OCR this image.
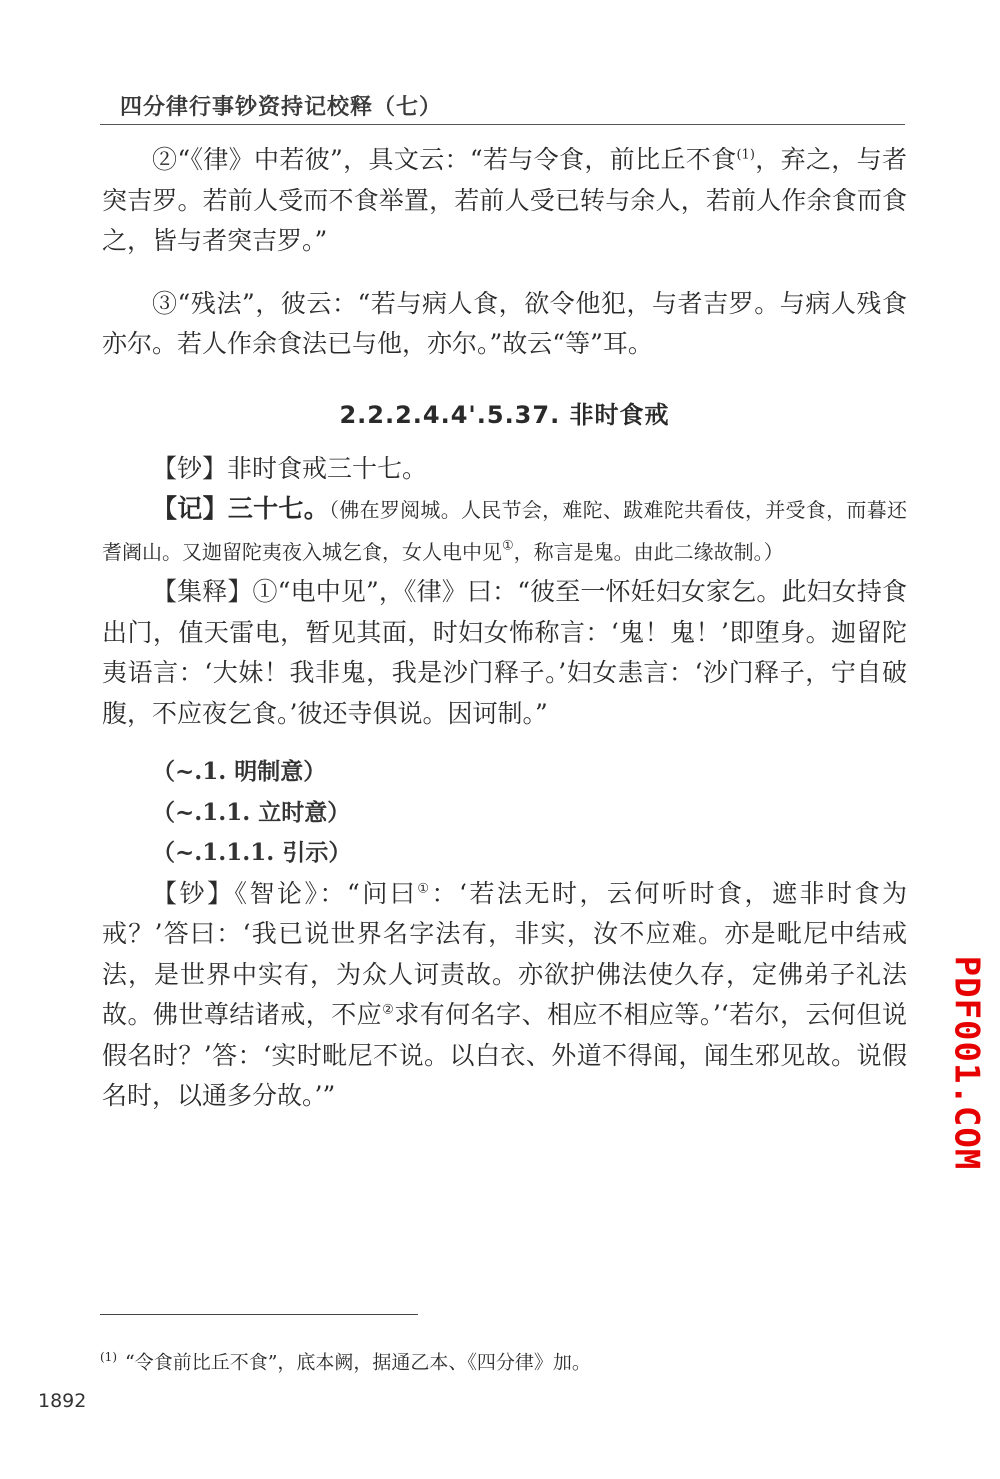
四分律行事钞资持记校释（七）

②“《律》中若彼”，具文云：“若与令食，前比丘不食$^{(1)}$，弃之，与者突吉罗。若前人受而不食举置，若前人受已转与余人，若前人作余食而食之，皆与者突吉罗。”

③“残法”，彼云：“若与病人食，欲令他犯，与者吉罗。与病人残食亦尔。若人作余食法已与他，亦尔。”故云“等”耳。

2.2.2.4.4'.5.37. 非时食戒

【钞】非时食戒三十七。

【记】三十七。（佛在罗阅城。人民节会，难陀、跋难陀共看伎，并受食，而暮还耆阇山。又迦留陀夷夜入城乞食，女人电中见①，称言是鬼。由此二缘故制。）

【集释】①“电中见”，《律》曰：“彼至一怀妊妇女家乞。此妇女持食出门，值天雷电，暂见其面，时妇女怖称言：‘鬼！鬼！’即堕身。迦留陀夷语言：‘大妹！我非鬼，我是沙门释子。’妇女恚言：‘沙门释子，宁自破腹，不应夜乞食。’彼还寺俱说。因诃制。”

（~.1. 明制意）

（~.1.1. 立时意）

（~.1.1.1. 引示）

【钞】《智论》：“问曰①：‘若法无时，云何听时食，遮非时食为戒？’答曰：‘我已说世界名字法有，非实，汝不应难。亦是毗尼中结戒法，是世界中实有，为众人诃责故。亦欲护佛法使久存，定佛弟子礼法故。佛世尊结诸戒，不应②求有何名字、相应不相应等。’‘若尔，云何但说假名时？’答：‘实时毗尼不说。以白衣、外道不得闻，闻生邪见故。说假名时，以通多分故。’”	PDF001.COM
$^{(1)}$ “令食前比丘不食”，底本阙，据通乙本、《四分律》加。
1892
